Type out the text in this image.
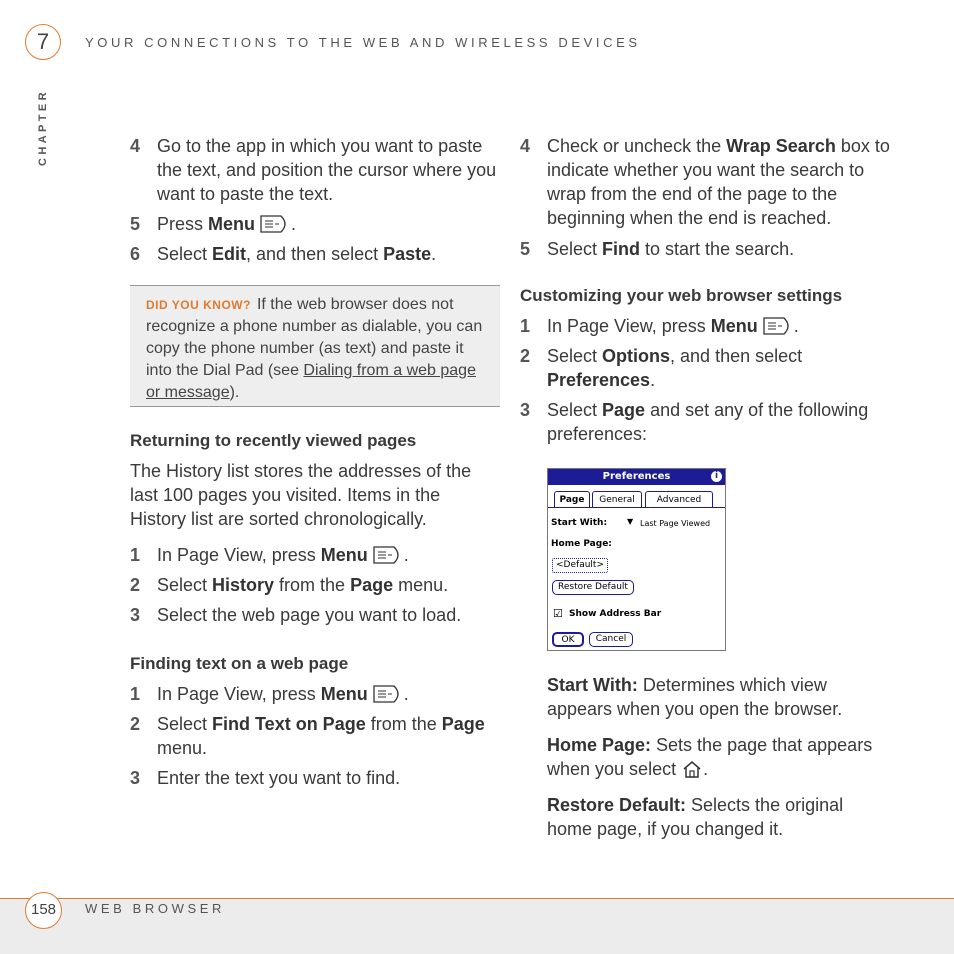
7	YOUR CONNECTIONS TO THE WEB AND WIRELESS DEVICES
CHAPTER	4 Go to the app in which you want to paste the text, and position the cursor where you want to paste the text.
5 Press Menu .
6 Select Edit, and then select Paste.
DID YOU KNOW? If the web browser does not recognize a phone number as dialable, you can copy the phone number (as text) and paste it into the Dial Pad (see Dialing from a web page or message).
Returning to recently viewed pages
The History list stores the addresses of the last 100 pages you visited. Items in the History list are sorted chronologically.
1 In Page View, press Menu .
2 Select History from the Page menu.
3 Select the web page you want to load.
Finding text on a web page
1 In Page View, press Menu .
2 Select Find Text on Page from the Page menu.
3 Enter the text you want to find.
4 Check or uncheck the Wrap Search box to indicate whether you want the search to wrap from the end of the page to the beginning when the end is reached.
5 Select Find to start the search.
Customizing your web browser settings
1 In Page View, press Menu .
2 Select Options, and then select Preferences.
3 Select Page and set any of the following preferences:
Preferences	i
Page	General	Advanced
Start With: ▼ Last Page Viewed
Home Page:
<Default>
Restore Default
☑ Show Address Bar
OK	Cancel
Start With: Determines which view appears when you open the browser.
Home Page: Sets the page that appears when you select .
Restore Default: Selects the original home page, if you changed it.
158	WEB BROWSER
